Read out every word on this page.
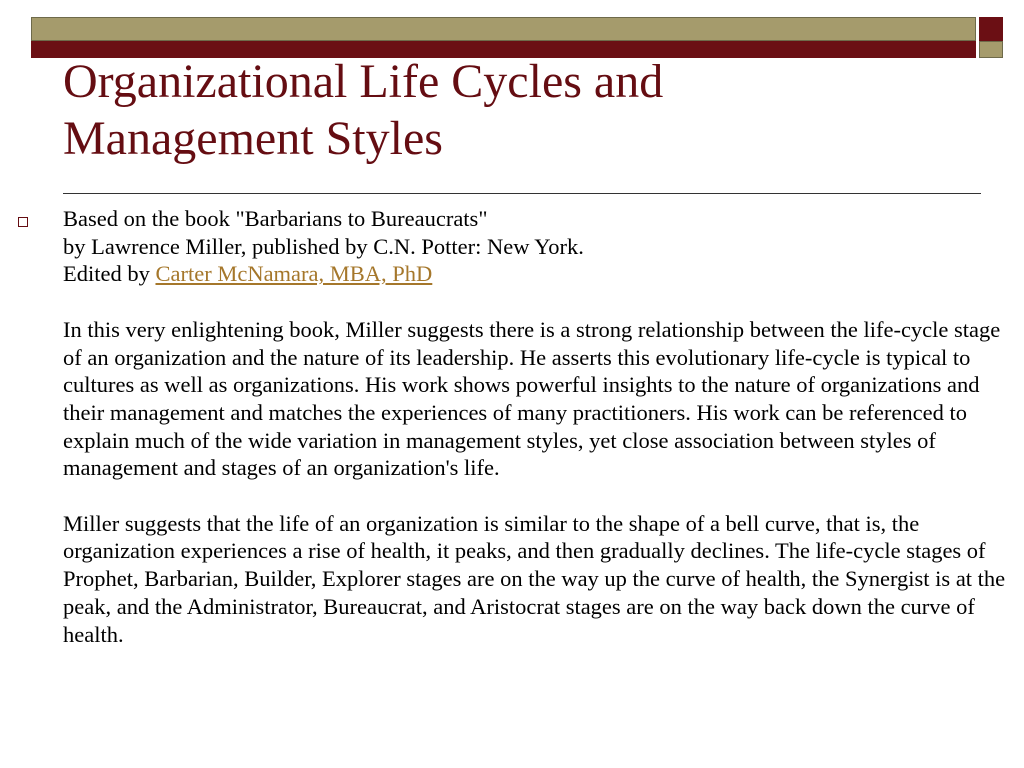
Organizational Life Cycles and
Management Styles

Based on the book "Barbarians to Bureaucrats"
by Lawrence Miller, published by C.N. Potter: New York.
Edited by Carter McNamara, MBA, PhD

In this very enlightening book, Miller suggests there is a strong relationship between the life-cycle stage of an organization and the nature of its leadership. He asserts this evolutionary life-cycle is typical to cultures as well as organizations. His work shows powerful insights to the nature of organizations and their management and matches the experiences of many practitioners. His work can be referenced to explain much of the wide variation in management styles, yet close association between styles of management and stages of an organization's life.

Miller suggests that the life of an organization is similar to the shape of a bell curve, that is, the organization experiences a rise of health, it peaks, and then gradually declines. The life-cycle stages of Prophet, Barbarian, Builder, Explorer stages are on the way up the curve of health, the Synergist is at the peak, and the Administrator, Bureaucrat, and Aristocrat stages are on the way back down the curve of health.
